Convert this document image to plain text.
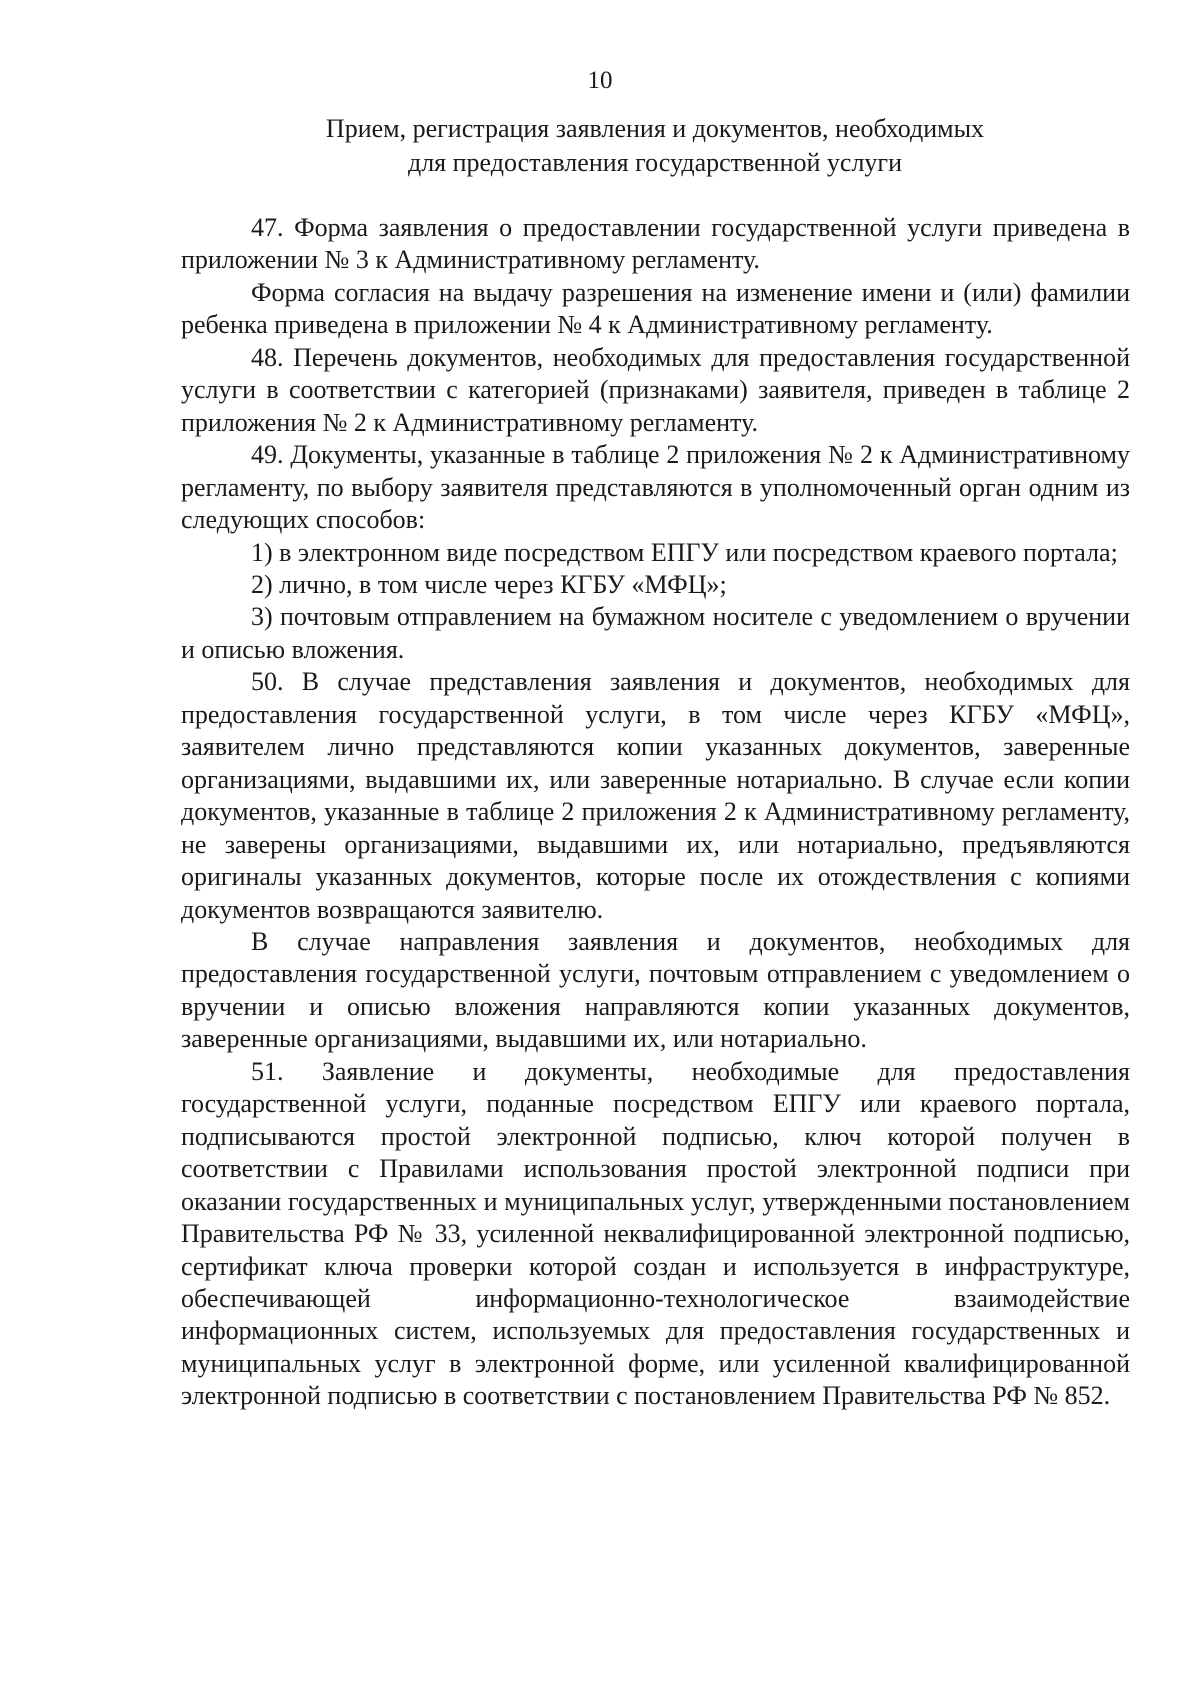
10
Прием, регистрация заявления и документов, необходимых
для предоставления государственной услуги

47. Форма заявления о предоставлении государственной услуги приведена в приложении № 3 к Административному регламенту.

Форма согласия на выдачу разрешения на изменение имени и (или) фамилии ребенка приведена в приложении № 4 к Административному регламенту.

48. Перечень документов, необходимых для предоставления государственной услуги в соответствии с категорией (признаками) заявителя, приведен в таблице 2 приложения № 2 к Административному регламенту.

49. Документы, указанные в таблице 2 приложения № 2 к Административному регламенту, по выбору заявителя представляются в уполномоченный орган одним из следующих способов:

1) в электронном виде посредством ЕПГУ или посредством краевого портала;

2) лично, в том числе через КГБУ «МФЦ»;

3) почтовым отправлением на бумажном носителе с уведомлением о вручении и описью вложения.

50. В случае представления заявления и документов, необходимых для предоставления государственной услуги, в том числе через КГБУ «МФЦ», заявителем лично представляются копии указанных документов, заверенные организациями, выдавшими их, или заверенные нотариально. В случае если копии документов, указанные в таблице 2 приложения 2 к Административному регламенту, не заверены организациями, выдавшими их, или нотариально, предъявляются оригиналы указанных документов, которые после их отождествления с копиями документов возвращаются заявителю.

В случае направления заявления и документов, необходимых для предоставления государственной услуги, почтовым отправлением с уведомлением о вручении и описью вложения направляются копии указанных документов, заверенные организациями, выдавшими их, или нотариально.

51. Заявление и документы, необходимые для предоставления государственной услуги, поданные посредством ЕПГУ или краевого портала, подписываются простой электронной подписью, ключ которой получен в соответствии с Правилами использования простой электронной подписи при оказании государственных и муниципальных услуг, утвержденными постановлением Правительства РФ № 33, усиленной неквалифицированной электронной подписью, сертификат ключа проверки которой создан и используется в инфраструктуре, обеспечивающей информационно-технологическое взаимодействие информационных систем, используемых для предоставления государственных и муниципальных услуг в электронной форме, или усиленной квалифицированной электронной подписью в соответствии с постановлением Правительства РФ № 852.
